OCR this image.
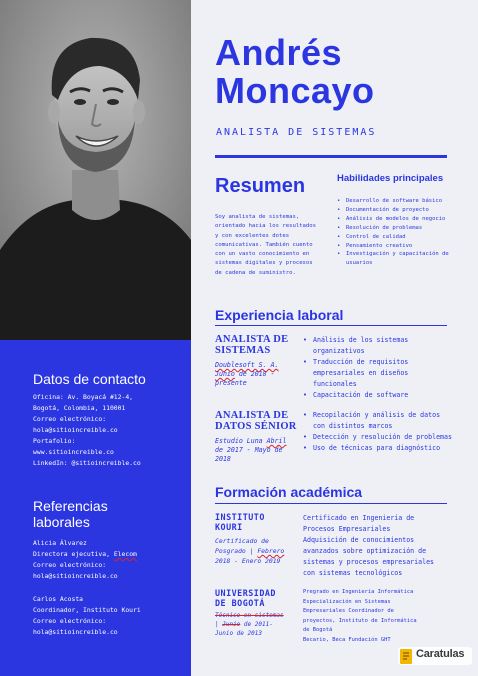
Datos de contacto
Oficina: Av. Boyacá #12-4,
Bogotá, Colombia, 110001
Correo electrónico:
hola@sitioincreible.co
Portafolio:
www.sitioincreible.co
LinkedIn: @sitioincreible.co
Referencias
laborales
Alicia Álvarez
Directora ejecutiva, Elecom
Correo electrónico:
hola@sitioincreible.co
Carlos Acosta
Coordinador, Instituto Kouri
Correo electrónico:
hola@sitioincreible.co
Andrés
Moncayo
ANALISTA DE SISTEMAS
Resumen
Soy analista de sistemas,
orientado hacia los resultados
y con excelentes dotes
comunicativas. También cuento
con un vasto conocimiento en
sistemas digitales y procesos
de cadena de suministro.
Habilidades principales
• Desarrollo de software básico
• Documentación de proyecto
• Análisis de modelos de negocio
• Resolución de problemas
• Control de calidad
• Pensamiento creativo
• Investigación y capacitación de usuarios
Experiencia laboral
ANALISTA DE
SISTEMAS
Doublesoft S. A.
Junio de 2018 -
presente
• Análisis de los sistemas organizativos
• Traducción de requisitos empresariales en diseños funcionales
• Capacitación de software
ANALISTA DE
DATOS SÉNIOR
Estudio Luna Abril
de 2017 - Mayo de
2018
• Recopilación y análisis de datos con distintos marcos
• Detección y resolución de problemas
• Uso de técnicas para diagnóstico
Formación académica
INSTITUTO
KOURI
Certificado de
Posgrado | Febrero
2018 - Enero 2019
Certificado en Ingeniería de
Procesos Empresariales
Adquisición de conocimientos
avanzados sobre optimización de
sistemas y procesos empresariales
con sistemas tecnológicos
UNIVERSIDAD
DE BOGOTÁ
Técnico en sistemas
| Junio de 2011-
Junio de 2013
Pregrado en Ingeniería Informática
Especialización en Sistemas
Empresariales Coordinador de
proyectos, Instituto de Informática
de Bogotá
Becario, Beca Fundación GHT
Caratulas
